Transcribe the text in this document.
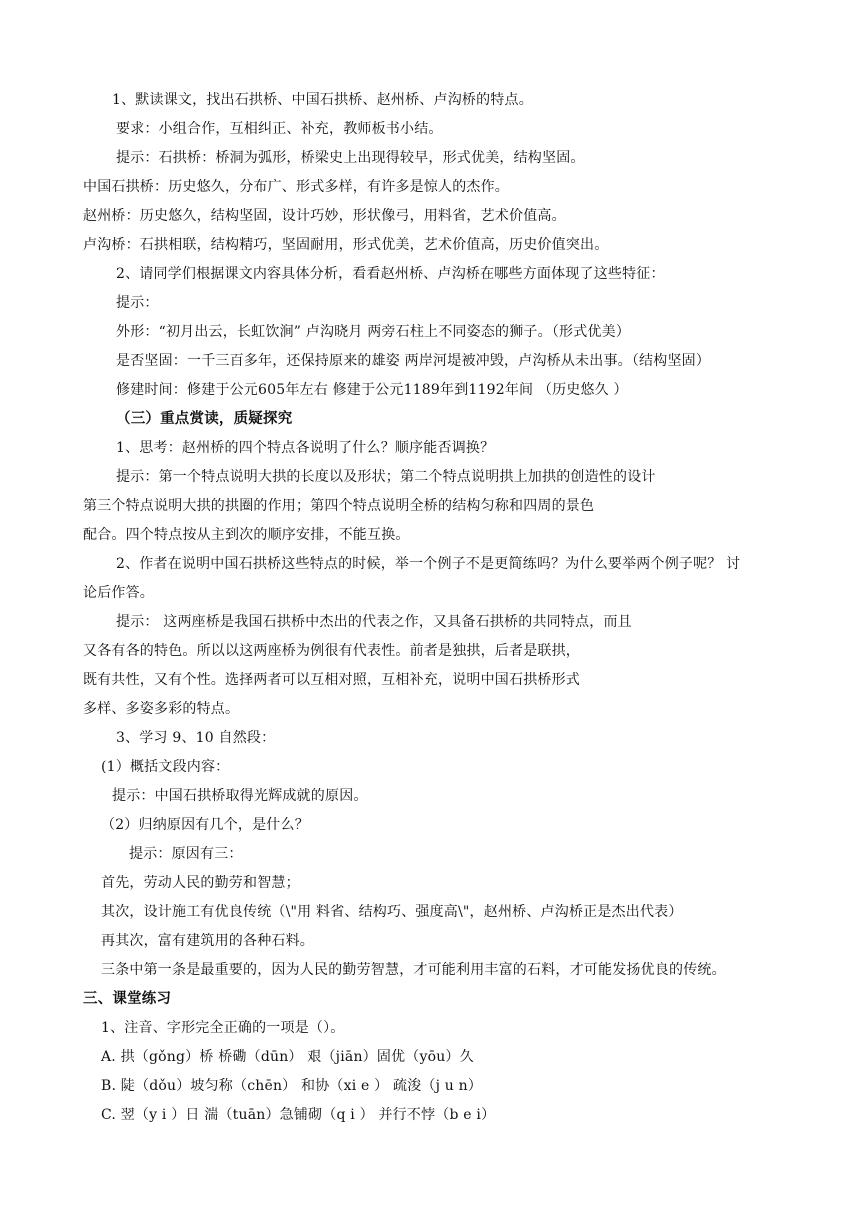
1、默读课文，找出石拱桥、中国石拱桥、赵州桥、卢沟桥的特点。
要求：小组合作，互相纠正、补充，教师板书小结。
提示：石拱桥：桥洞为弧形，桥梁史上出现得较早，形式优美，结构坚固。
中国石拱桥：历史悠久，分布广、形式多样，有许多是惊人的杰作。
赵州桥：历史悠久，结构坚固，设计巧妙，形状像弓，用料省，艺术价值高。
卢沟桥：石拱相联，结构精巧，坚固耐用，形式优美，艺术价值高，历史价值突出。
2、请同学们根据课文内容具体分析，看看赵州桥、卢沟桥在哪些方面体现了这些特征：
提示：
外形：“初月出云，长虹饮涧” 卢沟晓月 两旁石柱上不同姿态的狮子。（形式优美）
是否坚固：一千三百多年，还保持原来的雄姿 两岸河堤被冲毁，卢沟桥从未出事。（结构坚固）
修建时间：修建于公元605年左右 修建于公元1189年到1192年间 （历史悠久 ）
（三）重点赏读，质疑探究
1、思考：赵州桥的四个特点各说明了什么？顺序能否调换？
提示：第一个特点说明大拱的长度以及形状；第二个特点说明拱上加拱的创造性的设计
第三个特点说明大拱的拱圈的作用；第四个特点说明全桥的结构匀称和四周的景色
配合。四个特点按从主到次的顺序安排，不能互换。
2、作者在说明中国石拱桥这些特点的时候，举一个例子不是更简练吗？为什么要举两个例子呢？ 讨
论后作答。
提示： 这两座桥是我国石拱桥中杰出的代表之作，又具备石拱桥的共同特点，而且
又各有各的特色。所以以这两座桥为例很有代表性。前者是独拱，后者是联拱，
既有共性，又有个性。选择两者可以互相对照，互相补充，说明中国石拱桥形式
多样、多姿多彩的特点。
3、学习 9、10 自然段：
(1）概括文段内容：
提示：中国石拱桥取得光辉成就的原因。
（2）归纳原因有几个，是什么？
提示：原因有三：
首先，劳动人民的勤劳和智慧；
其次，设计施工有优良传统（\"用 料省、结构巧、强度高\"，赵州桥、卢沟桥正是杰出代表）
再其次，富有建筑用的各种石料。
三条中第一条是最重要的，因为人民的勤劳智慧，才可能利用丰富的石料，才可能发扬优良的传统。
三、课堂练习
1、注音、字形完全正确的一项是（）。
A. 拱（gǒng）桥 桥磡（dūn） 艰（jiān）固优（yōu）久
B. 陡（dǒu）坡匀称（chēn） 和协（xi e ） 疏浚（j u n）
C. 翌（y i ）日 湍（tuān）急铺砌（q i ） 并行不悖（b e i）
